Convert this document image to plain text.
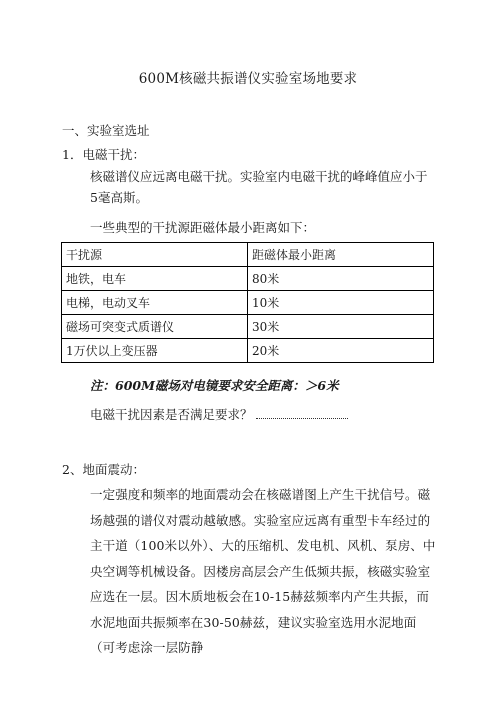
600M核磁共振谱仪实验室场地要求
一、实验室选址
1．电磁干扰：
核磁谱仪应远离电磁干扰。实验室内电磁干扰的峰峰值应小于5毫高斯。
一些典型的干扰源距磁体最小距离如下：
干扰源	距磁体最小距离
地铁，电车	80米
电梯，电动叉车	10米
磁场可突变式质谱仪	30米
1万伏以上变压器	20米
注：600M磁场对电镜要求安全距离：＞6米
电磁干扰因素是否满足要求？
2、地面震动：
一定强度和频率的地面震动会在核磁谱图上产生干扰信号。磁场越强的谱仪对震动越敏感。实验室应远离有重型卡车经过的主干道（100米以外）、大的压缩机、发电机、风机、泵房、中央空调等机械设备。因楼房高层会产生低频共振，核磁实验室应选在一层。因木质地板会在10-15赫兹频率内产生共振，而水泥地面共振频率在30-50赫兹，建议实验室选用水泥地面（可考虑涂一层防静
